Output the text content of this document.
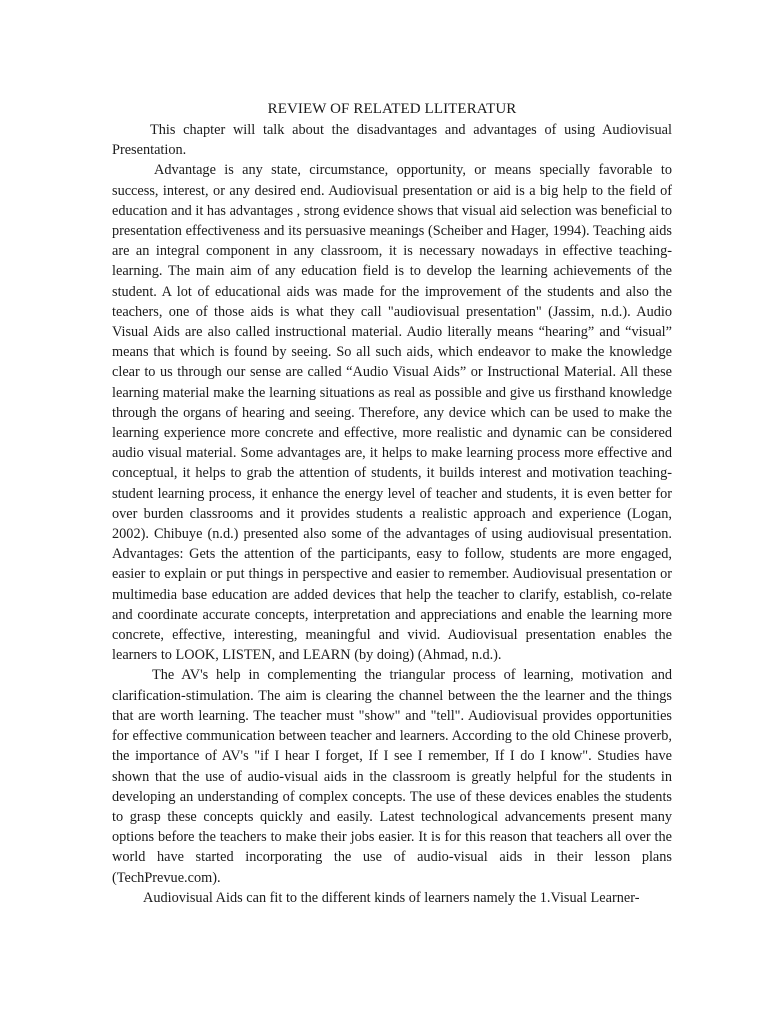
REVIEW OF RELATED LLITERATUR

This chapter will talk about the disadvantages and advantages of using Audiovisual Presentation.

Advantage is any state, circumstance, opportunity, or means specially favorable to success, interest, or any desired end. Audiovisual presentation or aid is a big help to the field of education and it has advantages , strong evidence shows that visual aid selection was beneficial to presentation effectiveness and its persuasive meanings (Scheiber and Hager, 1994). Teaching aids are an integral component in any classroom, it is necessary nowadays in effective teaching-learning. The main aim of any education field is to develop the learning achievements of the student. A lot of educational aids was made for the improvement of the students and also the teachers, one of those aids is what they call "audiovisual presentation" (Jassim, n.d.). Audio Visual Aids are also called instructional material. Audio literally means “hearing” and “visual” means that which is found by seeing. So all such aids, which endeavor to make the knowledge clear to us through our sense are called “Audio Visual Aids” or Instructional Material. All these learning material make the learning situations as real as possible and give us firsthand knowledge through the organs of hearing and seeing. Therefore, any device which can be used to make the learning experience more concrete and effective, more realistic and dynamic can be considered audio visual material. Some advantages are, it helps to make learning process more effective and conceptual, it helps to grab the attention of students, it builds interest and motivation teaching-student learning process, it enhance the energy level of teacher and students, it is even better for over burden classrooms and it provides students a realistic approach and experience (Logan, 2002). Chibuye (n.d.) presented also some of the advantages of using audiovisual presentation. Advantages: Gets the attention of the participants, easy to follow, students are more engaged, easier to explain or put things in perspective and easier to remember. Audiovisual presentation or multimedia base education are added devices that help the teacher to clarify, establish, co-relate and coordinate accurate concepts, interpretation and appreciations and enable the learning more concrete, effective, interesting, meaningful and vivid. Audiovisual presentation enables the learners to LOOK, LISTEN, and LEARN (by doing) (Ahmad, n.d.).

The AV's help in complementing the triangular process of learning, motivation and clarification-stimulation. The aim is clearing the channel between the the learner and the things that are worth learning. The teacher must "show" and "tell". Audiovisual provides opportunities for effective communication between teacher and learners. According to the old Chinese proverb, the importance of AV's "if I hear I forget, If I see I remember, If I do I know". Studies have shown that the use of audio-visual aids in the classroom is greatly helpful for the students in developing an understanding of complex concepts. The use of these devices enables the students to grasp these concepts quickly and easily. Latest technological advancements present many options before the teachers to make their jobs easier. It is for this reason that teachers all over the world have started incorporating the use of audio-visual aids in their lesson plans (TechPrevue.com).

Audiovisual Aids can fit to the different kinds of learners namely the 1.Visual Learner-
